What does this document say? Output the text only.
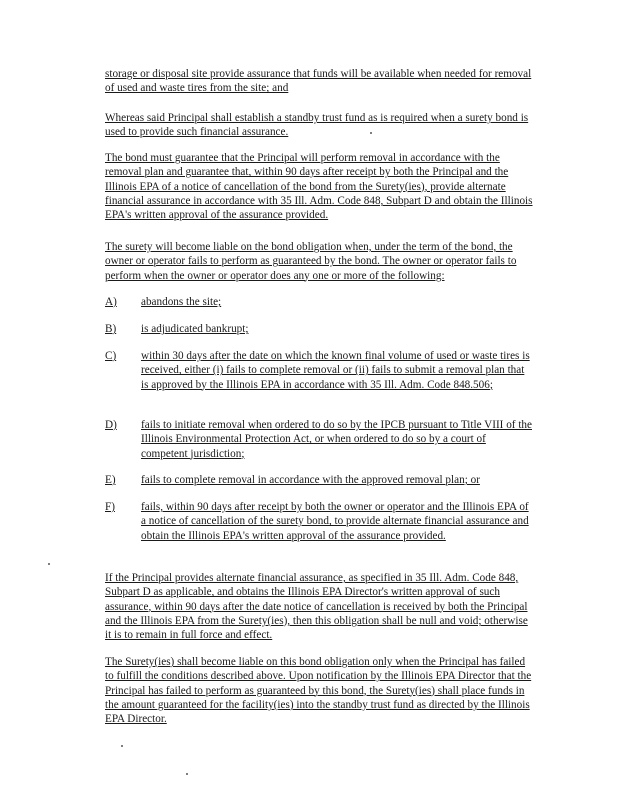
storage or disposal site provide assurance that funds will be available when needed for removal of used and waste tires from the site; and
Whereas said Principal shall establish a standby trust fund as is required when a surety bond is used to provide such financial assurance.
The bond must guarantee that the Principal will perform removal in accordance with the removal plan and guarantee that, within 90 days after receipt by both the Principal and the Illinois EPA of a notice of cancellation of the bond from the Surety(ies), provide alternate financial assurance in accordance with 35 Ill. Adm. Code 848, Subpart D and obtain the Illinois EPA's written approval of the assurance provided.
The surety will become liable on the bond obligation when, under the term of the bond, the owner or operator fails to perform as guaranteed by the bond. The owner or operator fails to perform when the owner or operator does any one or more of the following:
A) abandons the site;
B) is adjudicated bankrupt;
C) within 30 days after the date on which the known final volume of used or waste tires is received, either (i) fails to complete removal or (ii) fails to submit a removal plan that is approved by the Illinois EPA in accordance with 35 Ill. Adm. Code 848.506;
D) fails to initiate removal when ordered to do so by the IPCB pursuant to Title VIII of the Illinois Environmental Protection Act, or when ordered to do so by a court of competent jurisdiction;
E) fails to complete removal in accordance with the approved removal plan; or
F) fails, within 90 days after receipt by both the owner or operator and the Illinois EPA of a notice of cancellation of the surety bond, to provide alternate financial assurance and obtain the Illinois EPA's written approval of the assurance provided.
If the Principal provides alternate financial assurance, as specified in 35 Ill. Adm. Code 848, Subpart D as applicable, and obtains the Illinois EPA Director's written approval of such assurance, within 90 days after the date notice of cancellation is received by both the Principal and the Illinois EPA from the Surety(ies), then this obligation shall be null and void; otherwise it is to remain in full force and effect.
The Surety(ies) shall become liable on this bond obligation only when the Principal has failed to fulfill the conditions described above. Upon notification by the Illinois EPA Director that the Principal has failed to perform as guaranteed by this bond, the Surety(ies) shall place funds in the amount guaranteed for the facility(ies) into the standby trust fund as directed by the Illinois EPA Director.
